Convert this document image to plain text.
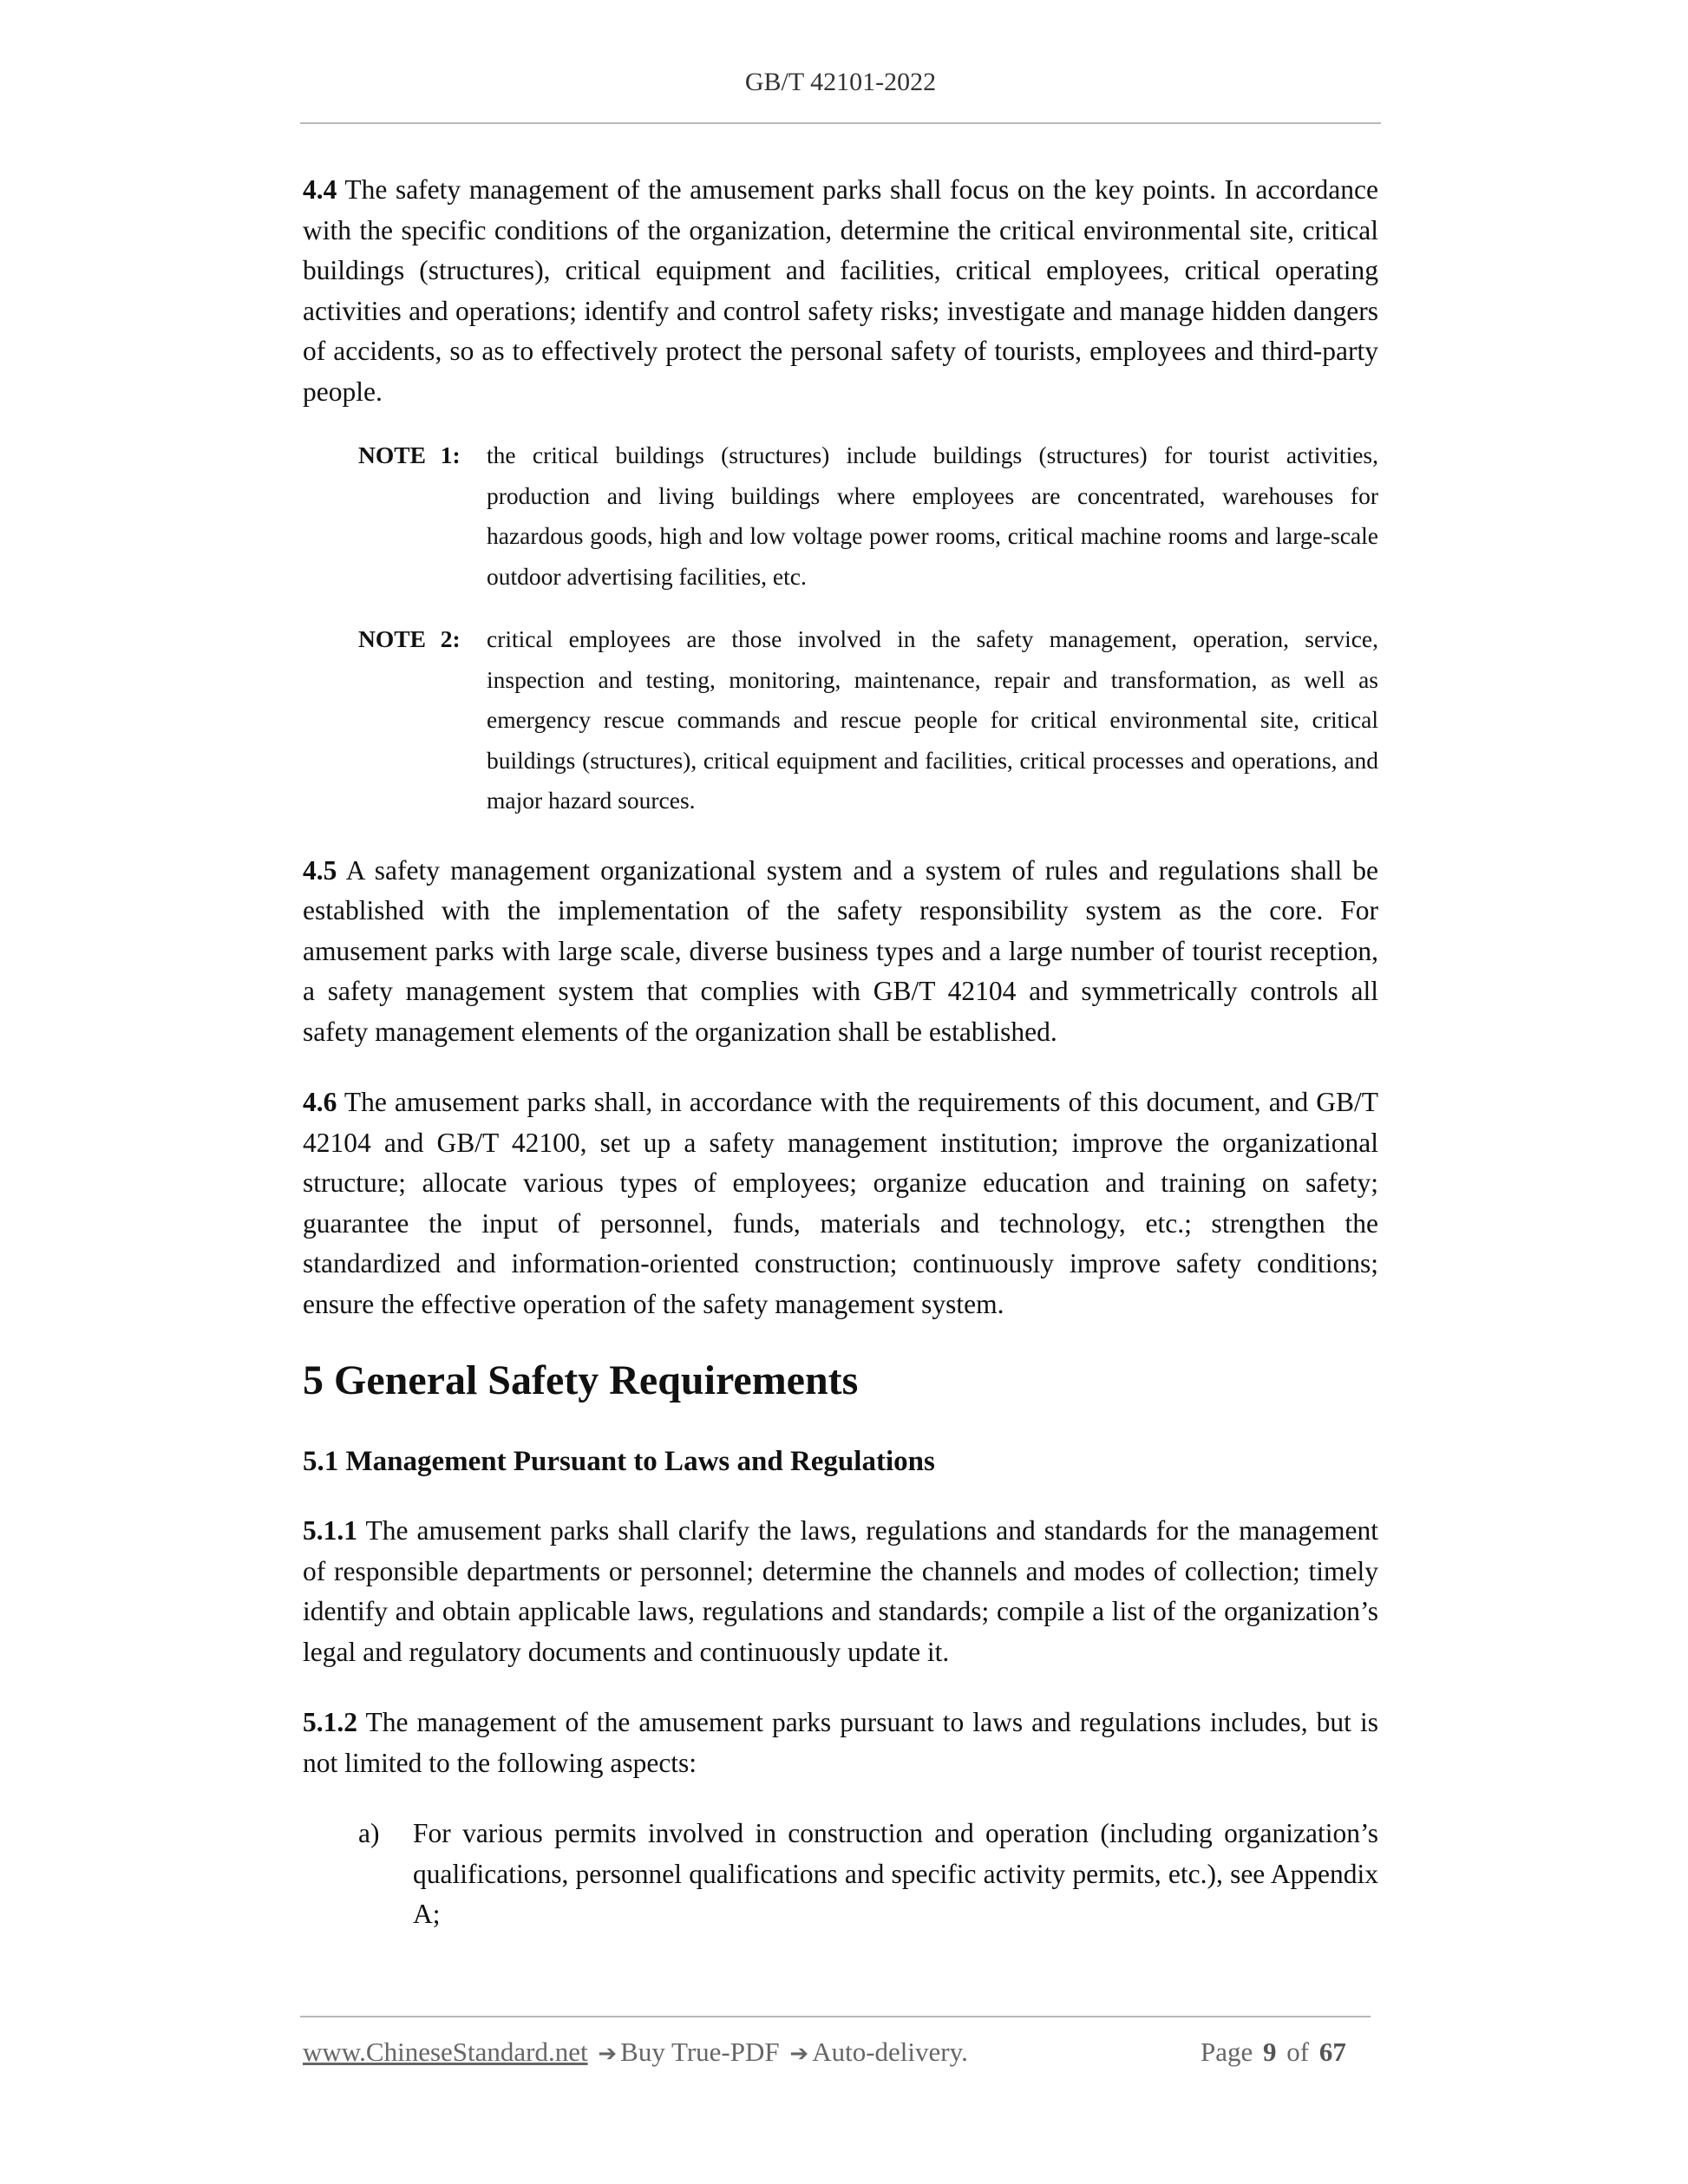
GB/T 42101-2022

4.4 The safety management of the amusement parks shall focus on the key points. In accordance with the specific conditions of the organization, determine the critical environmental site, critical buildings (structures), critical equipment and facilities, critical employees, critical operating activities and operations; identify and control safety risks; investigate and manage hidden dangers of accidents, so as to effectively protect the personal safety of tourists, employees and third-party people.

NOTE 1: the critical buildings (structures) include buildings (structures) for tourist activities, production and living buildings where employees are concentrated, warehouses for hazardous goods, high and low voltage power rooms, critical machine rooms and large-scale outdoor advertising facilities, etc.
NOTE 2: critical employees are those involved in the safety management, operation, service, inspection and testing, monitoring, maintenance, repair and transformation, as well as emergency rescue commands and rescue people for critical environmental site, critical buildings (structures), critical equipment and facilities, critical processes and operations, and major hazard sources.

4.5 A safety management organizational system and a system of rules and regulations shall be established with the implementation of the safety responsibility system as the core. For amusement parks with large scale, diverse business types and a large number of tourist reception, a safety management system that complies with GB/T 42104 and symmetrically controls all safety management elements of the organization shall be established.

4.6 The amusement parks shall, in accordance with the requirements of this document, and GB/T 42104 and GB/T 42100, set up a safety management institution; improve the organizational structure; allocate various types of employees; organize education and training on safety; guarantee the input of personnel, funds, materials and technology, etc.; strengthen the standardized and information-oriented construction; continuously improve safety conditions; ensure the effective operation of the safety management system.

5 General Safety Requirements
5.1 Management Pursuant to Laws and Regulations

5.1.1 The amusement parks shall clarify the laws, regulations and standards for the management of responsible departments or personnel; determine the channels and modes of collection; timely identify and obtain applicable laws, regulations and standards; compile a list of the organization’s legal and regulatory documents and continuously update it.

5.1.2 The management of the amusement parks pursuant to laws and regulations includes, but is not limited to the following aspects:

a) For various permits involved in construction and operation (including organization’s qualifications, personnel qualifications and specific activity permits, etc.), see Appendix A;
www.ChineseStandard.net ➔ Buy True-PDF ➔ Auto-delivery.	Page 9 of 67
